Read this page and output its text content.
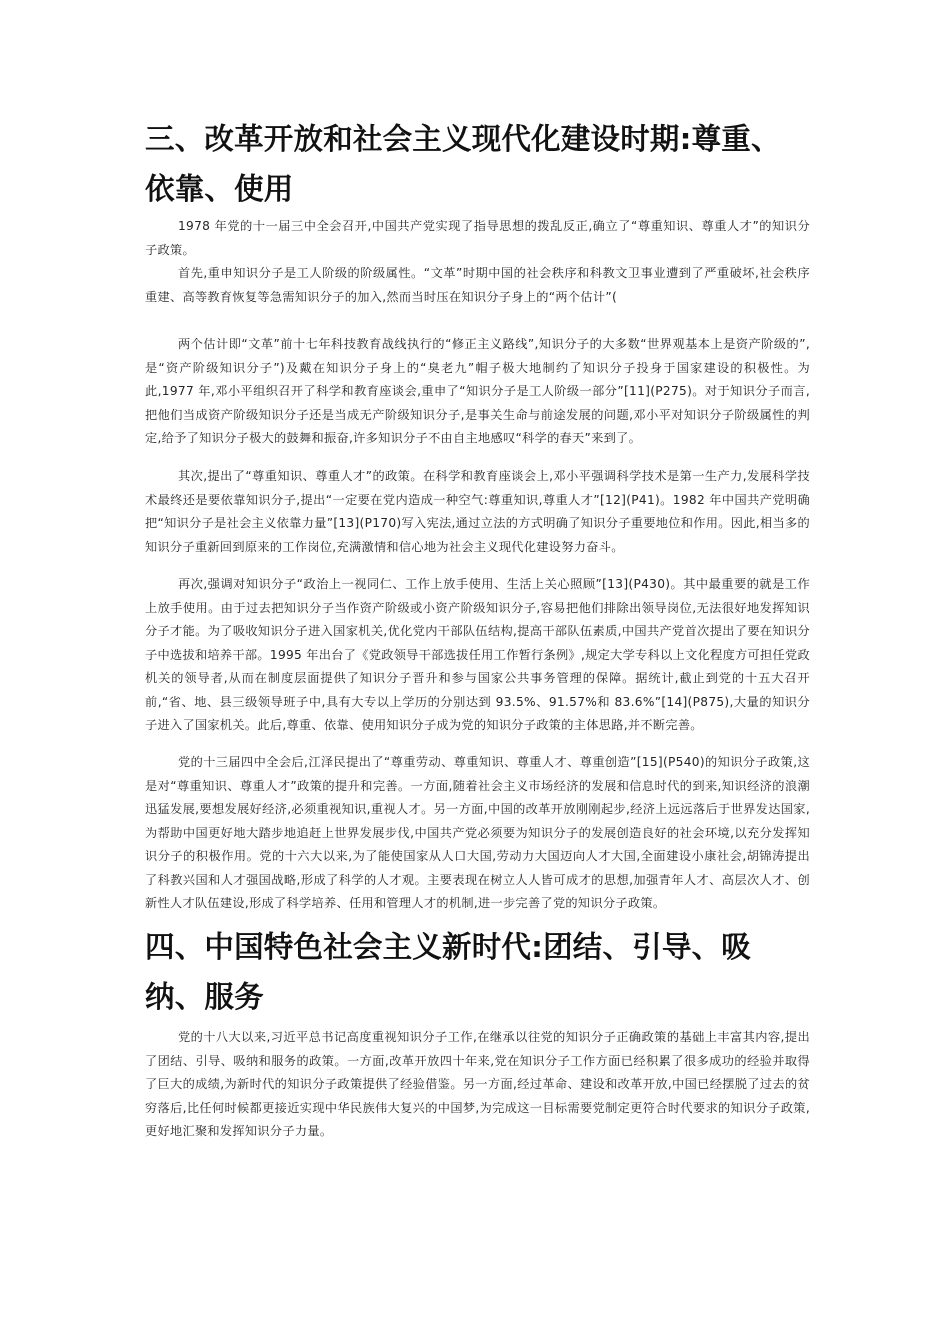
三、改革开放和社会主义现代化建设时期:尊重、依靠、使用

1978 年党的十一届三中全会召开,中国共产党实现了指导思想的拨乱反正,确立了“尊重知识、尊重人才”的知识分子政策。

首先,重申知识分子是工人阶级的阶级属性。“文革”时期中国的社会秩序和科教文卫事业遭到了严重破坏,社会秩序重建、高等教育恢复等急需知识分子的加入,然而当时压在知识分子身上的“两个估计”(

两个估计即“文革”前十七年科技教育战线执行的“修正主义路线”,知识分子的大多数“世界观基本上是资产阶级的”,是“资产阶级知识分子”)及戴在知识分子身上的“臭老九”帽子极大地制约了知识分子投身于国家建设的积极性。为此,1977 年,邓小平组织召开了科学和教育座谈会,重申了“知识分子是工人阶级一部分”[11](P275)。对于知识分子而言,把他们当成资产阶级知识分子还是当成无产阶级知识分子,是事关生命与前途发展的问题,邓小平对知识分子阶级属性的判定,给予了知识分子极大的鼓舞和振奋,许多知识分子不由自主地感叹“科学的春天”来到了。

其次,提出了“尊重知识、尊重人才”的政策。在科学和教育座谈会上,邓小平强调科学技术是第一生产力,发展科学技术最终还是要依靠知识分子,提出“一定要在党内造成一种空气:尊重知识,尊重人才”[12](P41)。1982 年中国共产党明确把“知识分子是社会主义依靠力量”[13](P170)写入宪法,通过立法的方式明确了知识分子重要地位和作用。因此,相当多的知识分子重新回到原来的工作岗位,充满激情和信心地为社会主义现代化建设努力奋斗。

再次,强调对知识分子“政治上一视同仁、工作上放手使用、生活上关心照顾”[13](P430)。其中最重要的就是工作上放手使用。由于过去把知识分子当作资产阶级或小资产阶级知识分子,容易把他们排除出领导岗位,无法很好地发挥知识分子才能。为了吸收知识分子进入国家机关,优化党内干部队伍结构,提高干部队伍素质,中国共产党首次提出了要在知识分子中选拔和培养干部。1995 年出台了《党政领导干部选拔任用工作暂行条例》,规定大学专科以上文化程度方可担任党政机关的领导者,从而在制度层面提供了知识分子晋升和参与国家公共事务管理的保障。据统计,截止到党的十五大召开前,“省、地、县三级领导班子中,具有大专以上学历的分别达到 93.5%、91.57%和 83.6%”[14](P875),大量的知识分子进入了国家机关。此后,尊重、依靠、使用知识分子成为党的知识分子政策的主体思路,并不断完善。

党的十三届四中全会后,江泽民提出了“尊重劳动、尊重知识、尊重人才、尊重创造”[15](P540)的知识分子政策,这是对“尊重知识、尊重人才”政策的提升和完善。一方面,随着社会主义市场经济的发展和信息时代的到来,知识经济的浪潮迅猛发展,要想发展好经济,必须重视知识,重视人才。另一方面,中国的改革开放刚刚起步,经济上远远落后于世界发达国家,为帮助中国更好地大踏步地追赶上世界发展步伐,中国共产党必须要为知识分子的发展创造良好的社会环境,以充分发挥知识分子的积极作用。党的十六大以来,为了能使国家从人口大国,劳动力大国迈向人才大国,全面建设小康社会,胡锦涛提出了科教兴国和人才强国战略,形成了科学的人才观。主要表现在树立人人皆可成才的思想,加强青年人才、高层次人才、创新性人才队伍建设,形成了科学培养、任用和管理人才的机制,进一步完善了党的知识分子政策。

四、中国特色社会主义新时代:团结、引导、吸纳、服务

党的十八大以来,习近平总书记高度重视知识分子工作,在继承以往党的知识分子正确政策的基础上丰富其内容,提出了团结、引导、吸纳和服务的政策。一方面,改革开放四十年来,党在知识分子工作方面已经积累了很多成功的经验并取得了巨大的成绩,为新时代的知识分子政策提供了经验借鉴。另一方面,经过革命、建设和改革开放,中国已经摆脱了过去的贫穷落后,比任何时候都更接近实现中华民族伟大复兴的中国梦,为完成这一目标需要党制定更符合时代要求的知识分子政策,更好地汇聚和发挥知识分子力量。
